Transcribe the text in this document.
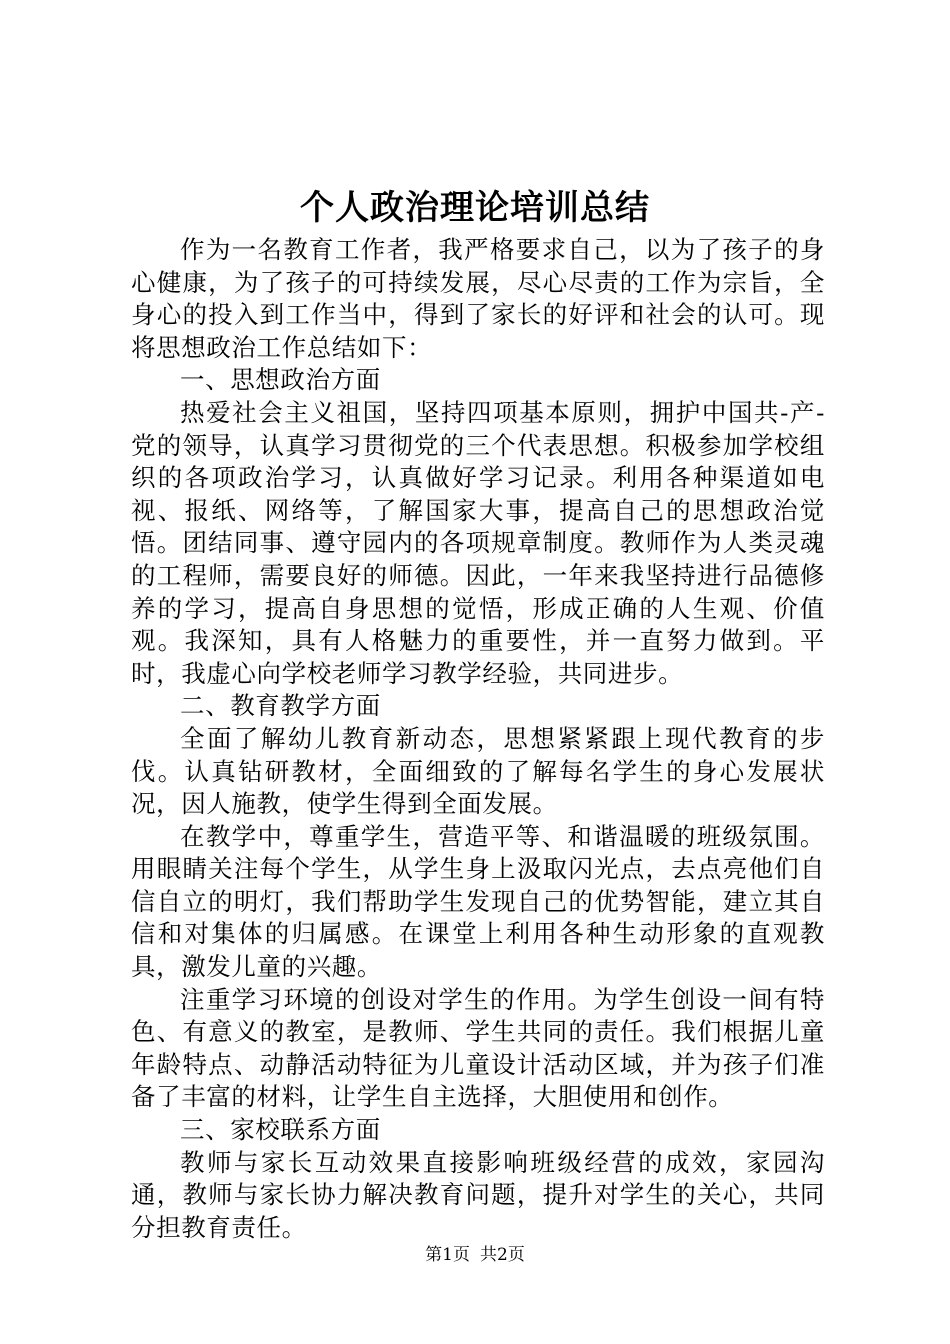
个人政治理论培训总结

作为一名教育工作者，我严格要求自己，以为了孩子的身心健康，为了孩子的可持续发展，尽心尽责的工作为宗旨，全身心的投入到工作当中，得到了家长的好评和社会的认可。现将思想政治工作总结如下：

一、思想政治方面

热爱社会主义祖国，坚持四项基本原则，拥护中国共-产-党的领导，认真学习贯彻党的三个代表思想。积极参加学校组织的各项政治学习，认真做好学习记录。利用各种渠道如电视、报纸、网络等，了解国家大事，提高自己的思想政治觉悟。团结同事、遵守园内的各项规章制度。教师作为人类灵魂的工程师，需要良好的师德。因此，一年来我坚持进行品德修养的学习，提高自身思想的觉悟，形成正确的人生观、价值观。我深知，具有人格魅力的重要性，并一直努力做到。平时，我虚心向学校老师学习教学经验，共同进步。

二、教育教学方面

全面了解幼儿教育新动态，思想紧紧跟上现代教育的步伐。认真钻研教材，全面细致的了解每名学生的身心发展状况，因人施教，使学生得到全面发展。

在教学中，尊重学生，营造平等、和谐温暖的班级氛围。用眼睛关注每个学生，从学生身上汲取闪光点，去点亮他们自信自立的明灯，我们帮助学生发现自己的优势智能，建立其自信和对集体的归属感。在课堂上利用各种生动形象的直观教具，激发儿童的兴趣。

注重学习环境的创设对学生的作用。为学生创设一间有特色、有意义的教室，是教师、学生共同的责任。我们根据儿童年龄特点、动静活动特征为儿童设计活动区域，并为孩子们准备了丰富的材料，让学生自主选择，大胆使用和创作。

三、家校联系方面

教师与家长互动效果直接影响班级经营的成效，家园沟通，教师与家长协力解决教育问题，提升对学生的关心，共同分担教育责任。

第1页 共2页
